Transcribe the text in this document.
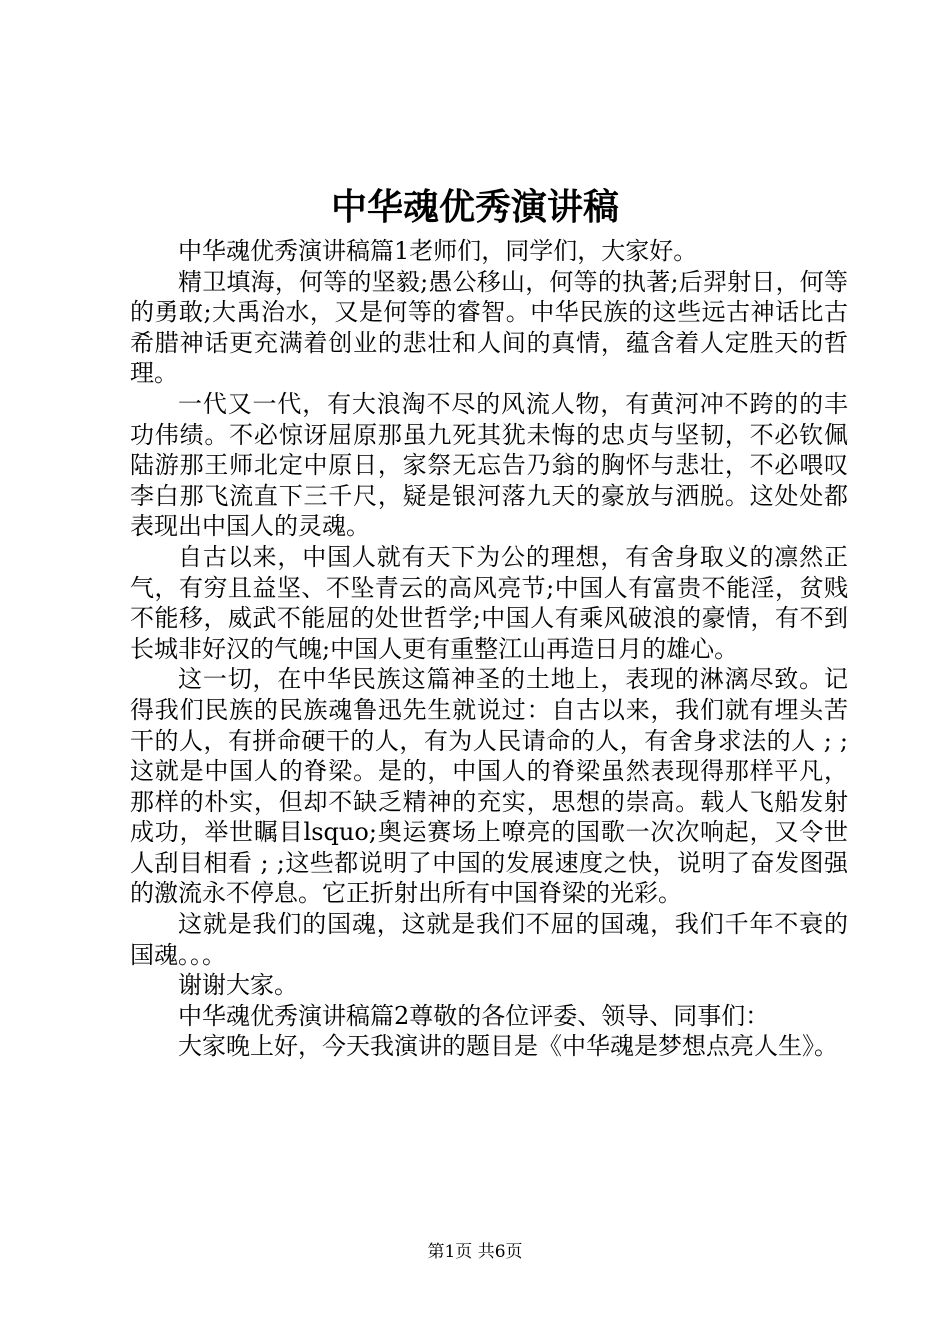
中华魂优秀演讲稿

中华魂优秀演讲稿篇1老师们，同学们，大家好。

精卫填海，何等的坚毅;愚公移山，何等的执著;后羿射日，何等的勇敢;大禹治水，又是何等的睿智。中华民族的这些远古神话比古希腊神话更充满着创业的悲壮和人间的真情，蕴含着人定胜天的哲理。

一代又一代，有大浪淘不尽的风流人物，有黄河冲不跨的的丰功伟绩。不必惊讶屈原那虽九死其犹未悔的忠贞与坚韧，不必钦佩陆游那王师北定中原日，家祭无忘告乃翁的胸怀与悲壮，不必喂叹李白那飞流直下三千尺，疑是银河落九天的豪放与洒脱。这处处都表现出中国人的灵魂。

自古以来，中国人就有天下为公的理想，有舍身取义的凛然正气，有穷且益坚、不坠青云的高风亮节;中国人有富贵不能淫，贫贱不能移，威武不能屈的处世哲学;中国人有乘风破浪的豪情，有不到长城非好汉的气魄;中国人更有重整江山再造日月的雄心。

这一切，在中华民族这篇神圣的土地上，表现的淋漓尽致。记得我们民族的民族魂鲁迅先生就说过：自古以来，我们就有埋头苦干的人，有拼命硬干的人，有为人民请命的人，有舍身求法的人 ; ;这就是中国人的脊梁。是的，中国人的脊梁虽然表现得那样平凡，那样的朴实，但却不缺乏精神的充实，思想的崇高。载人飞船发射成功，举世瞩目lsquo;奥运赛场上嘹亮的国歌一次次响起，又令世人刮目相看 ; ;这些都说明了中国的发展速度之快，说明了奋发图强的激流永不停息。它正折射出所有中国脊梁的光彩。

这就是我们的国魂，这就是我们不屈的国魂，我们千年不衰的国魂。。。

谢谢大家。

中华魂优秀演讲稿篇2尊敬的各位评委、领导、同事们：

大家晚上好，今天我演讲的题目是《中华魂是梦想点亮人生》。

第1页 共6页
